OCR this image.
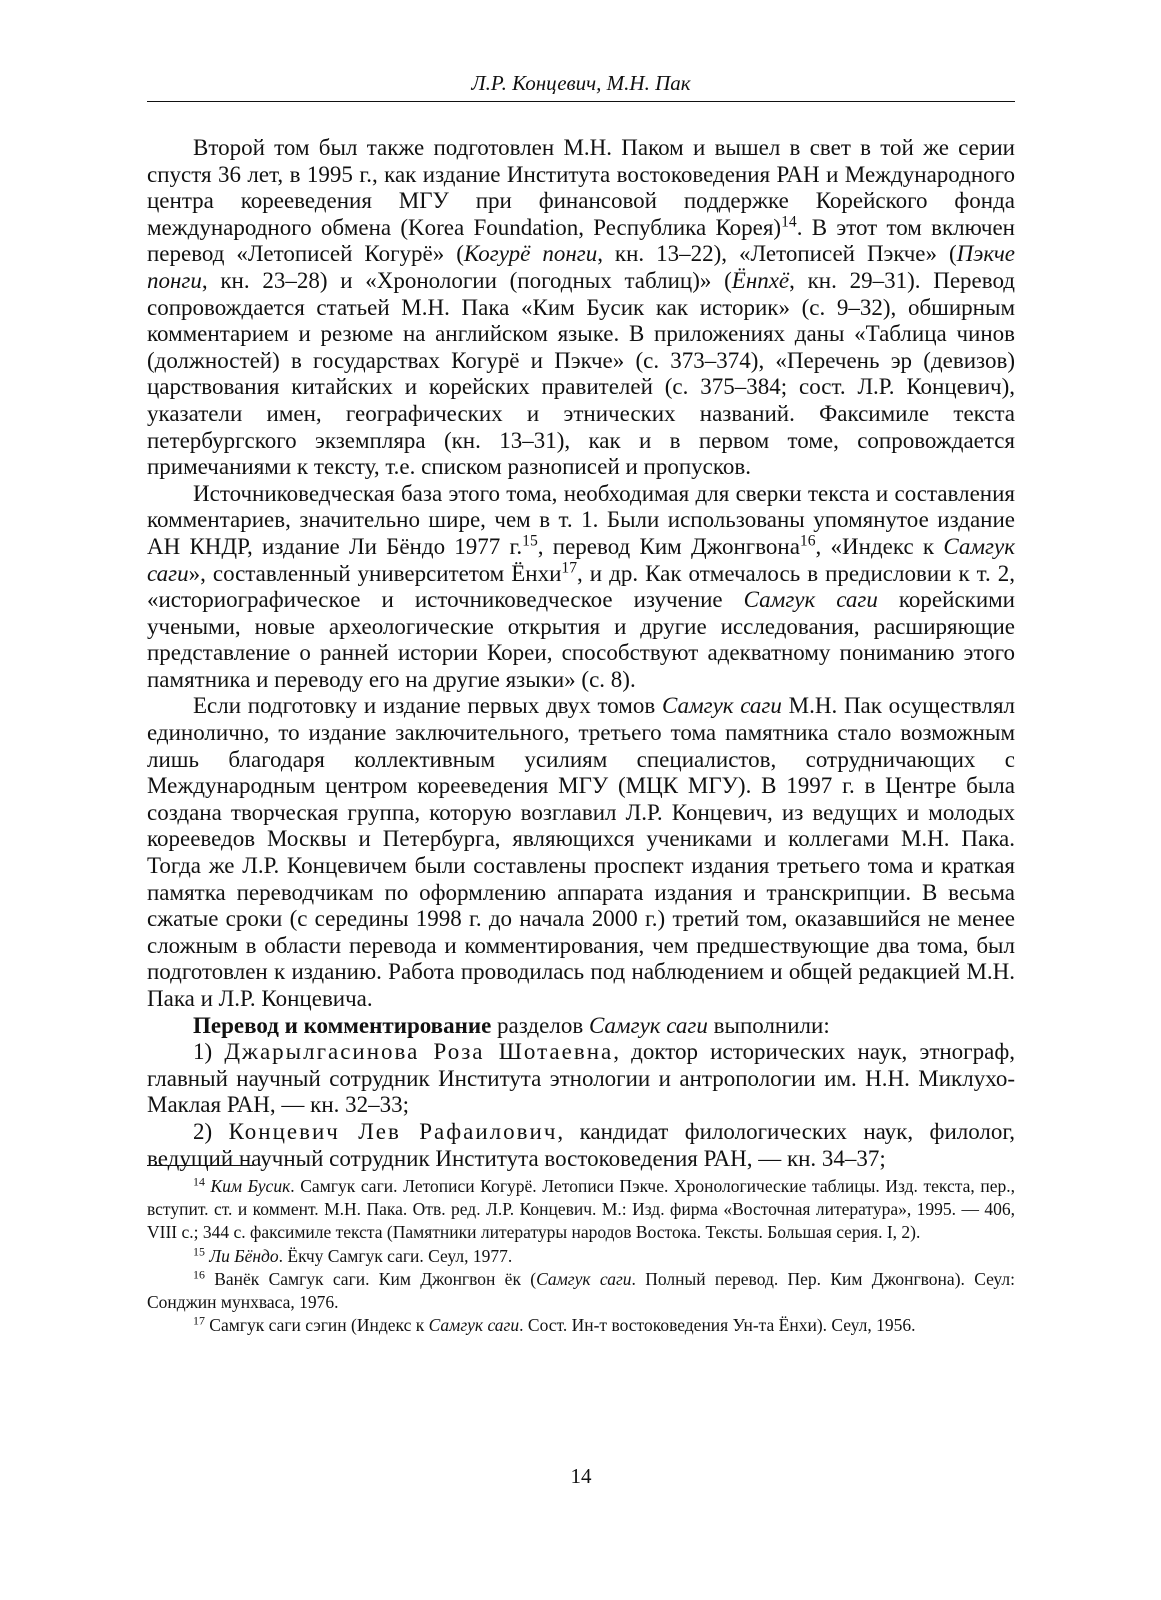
Л.Р. Концевич, М.Н. Пак

Второй том был также подготовлен М.Н. Паком и вышел в свет в той же серии спустя 36 лет, в 1995 г., как издание Института востоковедения РАН и Международного центра корееведения МГУ при финансовой поддержке Корейского фонда международного обмена (Korea Foundation, Республика Корея)$^{14}$. В этот том включен перевод «Летописей Когурё» (Когурё понги, кн. 13–22), «Летописей Пэкче» (Пэкче понги, кн. 23–28) и «Хронологии (погодных таблиц)» (Ёнпхё, кн. 29–31). Перевод сопровождается статьей М.Н. Пака «Ким Бусик как историк» (с. 9–32), обширным комментарием и резюме на английском языке. В приложениях даны «Таблица чинов (должностей) в государствах Когурё и Пэкче» (с. 373–374), «Перечень эр (девизов) царствования китайских и корейских правителей (с. 375–384; сост. Л.Р. Концевич), указатели имен, географических и этнических названий. Факсимиле текста петербургского экземпляра (кн. 13–31), как и в первом томе, сопровождается примечаниями к тексту, т.е. списком разнописей и пропусков.

Источниковедческая база этого тома, необходимая для сверки текста и составления комментариев, значительно шире, чем в т. 1. Были использованы упомянутое издание АН КНДР, издание Ли Бёндо 1977 г.$^{15}$, перевод Ким Джонгвона$^{16}$, «Индекс к Самгук саги», составленный университетом Ёнхи$^{17}$, и др. Как отмечалось в предисловии к т. 2, «историографическое и источниковедческое изучение Самгук саги корейскими учеными, новые археологические открытия и другие исследования, расширяющие представление о ранней истории Кореи, способствуют адекватному пониманию этого памятника и переводу его на другие языки» (с. 8).

Если подготовку и издание первых двух томов Самгук саги М.Н. Пак осуществлял единолично, то издание заключительного, третьего тома памятника стало возможным лишь благодаря коллективным усилиям специалистов, сотрудничающих с Международным центром корееведения МГУ (МЦК МГУ). В 1997 г. в Центре была создана творческая группа, которую возглавил Л.Р. Концевич, из ведущих и молодых корееведов Москвы и Петербурга, являющихся учениками и коллегами М.Н. Пака. Тогда же Л.Р. Концевичем были составлены проспект издания третьего тома и краткая памятка переводчикам по оформлению аппарата издания и транскрипции. В весьма сжатые сроки (с середины 1998 г. до начала 2000 г.) третий том, оказавшийся не менее сложным в области перевода и комментирования, чем предшествующие два тома, был подготовлен к изданию. Работа проводилась под наблюдением и общей редакцией М.Н. Пака и Л.Р. Концевича.

Перевод и комментирование разделов Самгук саги выполнили:

1) Джарылгасинова Роза Шотаевна, доктор исторических наук, этнограф, главный научный сотрудник Института этнологии и антропологии им. Н.Н. Миклухо-Маклая РАН, — кн. 32–33;

2) Концевич Лев Рафаилович, кандидат филологических наук, филолог, ведущий научный сотрудник Института востоковедения РАН, — кн. 34–37;

$^{14}$ Ким Бусик. Самгук саги. Летописи Когурё. Летописи Пэкче. Хронологические таблицы. Изд. текста, пер., вступит. ст. и коммент. М.Н. Пака. Отв. ред. Л.Р. Концевич. М.: Изд. фирма «Восточная литература», 1995. — 406, VIII с.; 344 с. факсимиле текста (Памятники литературы народов Востока. Тексты. Большая серия. I, 2).

$^{15}$ Ли Бёндо. Ёкчу Самгук саги. Сеул, 1977.

$^{16}$ Ванёк Самгук саги. Ким Джонгвон ёк (Самгук саги. Полный перевод. Пер. Ким Джонгвона). Сеул: Сонджин мунхваса, 1976.

$^{17}$ Самгук саги сэгин (Индекс к Самгук саги. Сост. Ин-т востоковедения Ун-та Ёнхи). Сеул, 1956.

14
